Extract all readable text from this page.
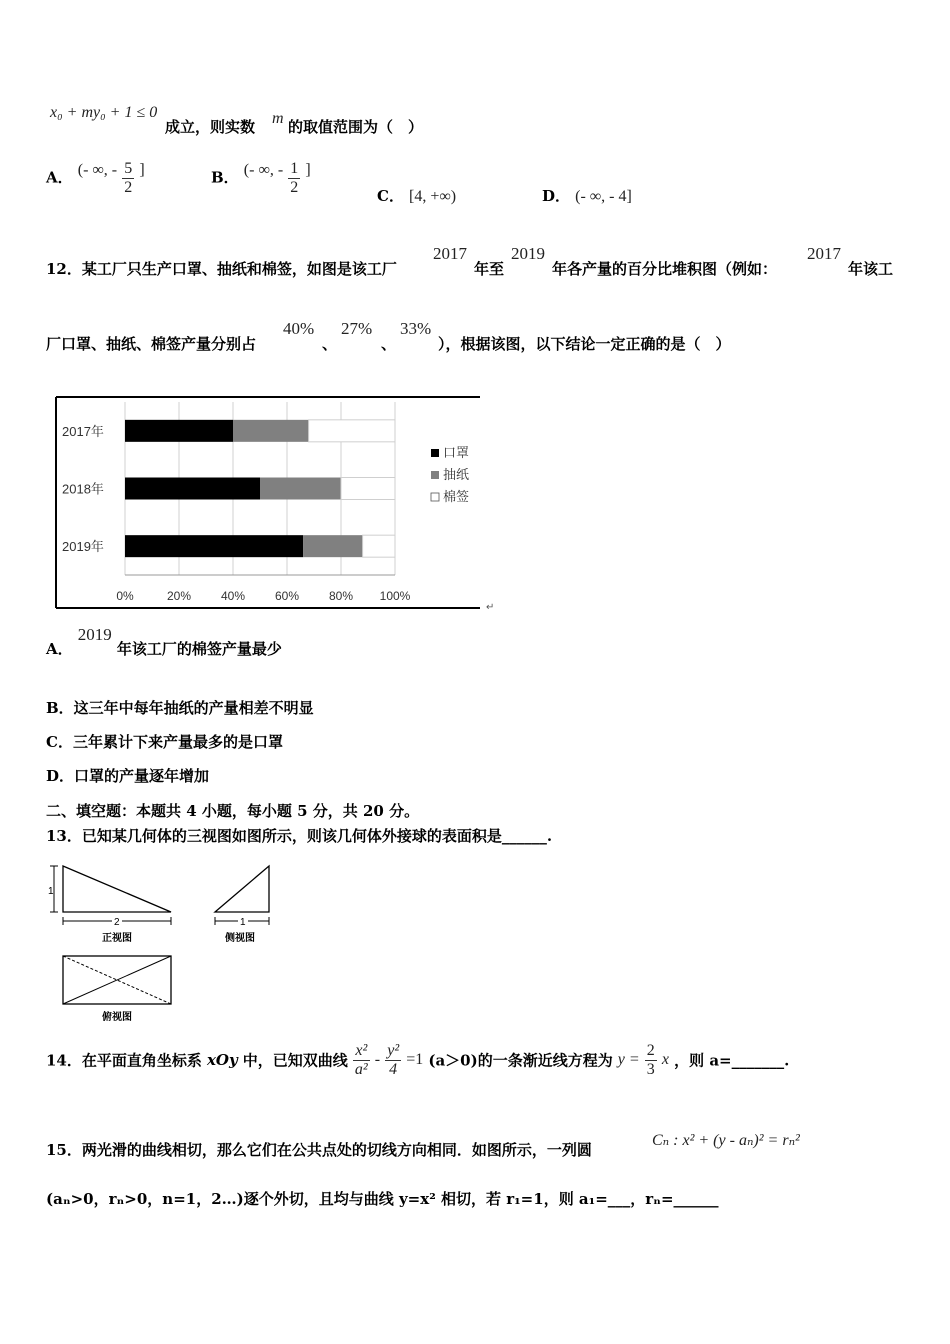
x₀ + my₀ + 1 ≤ 0
成立，则实数 m 的取值范围为（　）
A． (- ∞, - $\frac{5}{2}$ ]	B． (- ∞, - $\frac{1}{2}$ ]
C． [4, +∞)	D． (- ∞, - 4]
12．某工厂只生产口罩、抽纸和棉签，如图是该工厂
2017
年至
2019
年各产量的百分比堆积图（例如：
2017
年该工
厂口罩、抽纸、棉签产量分别占
40%
、
27%
、
33%
），根据该图，以下结论一定正确的是（　）
2017年
2018年
2019年
0%	20% 40% 60% 80% 100%
口罩
抽纸
棉签
↵
A． 2019 年该工厂的棉签产量最少
B．这三年中每年抽纸的产量相差不明显
C．三年累计下来产量最多的是口罩
D．口罩的产量逐年增加
二、填空题：本题共 4 小题，每小题 5 分，共 20 分。
13．已知某几何体的三视图如图所示，则该几何体外接球的表面积是______.
1
2
正视图
1
侧视图
俯视图
14．在平面直角坐标系 xOy 中，已知双曲线 $\frac{\text{x²}}{\text{a²}} - \frac{\text{y²}}{4} =1$ (a＞0)的一条渐近线方程为 $y = \frac{2}{3}$ x ，则 a=_______.
15．两光滑的曲线相切，那么它们在公共点处的切线方向相同．如图所示，一列圆
Cₙ : x² + (y - aₙ)² = rₙ²
(aₙ>0，rₙ>0，n=1，2…)逐个外切，且均与曲线 y=x² 相切，若 r₁=1，则 a₁=___，rₙ=______
